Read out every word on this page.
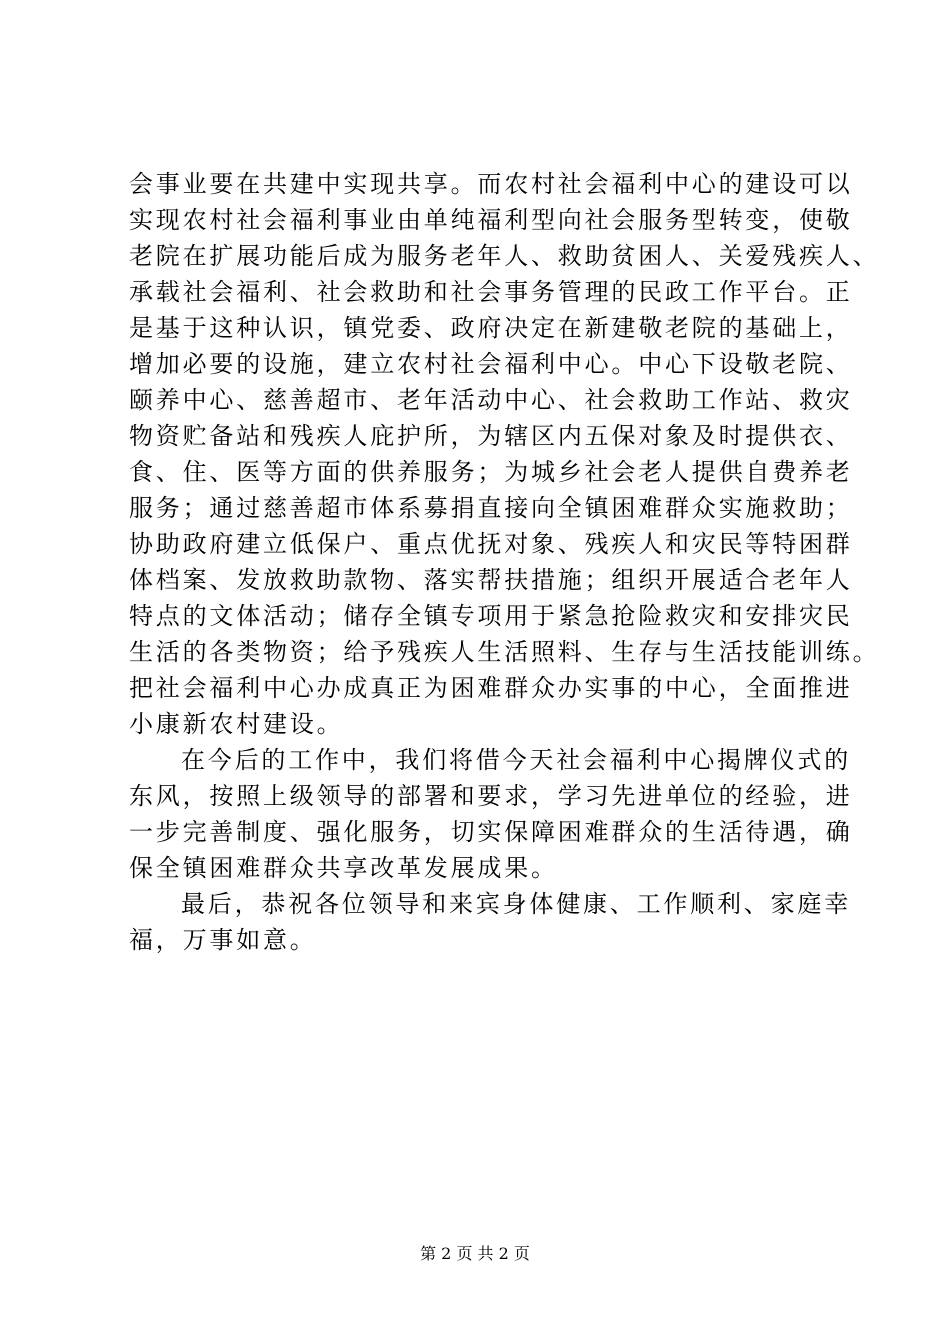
会事业要在共建中实现共享。而农村社会福利中心的建设可以
实现农村社会福利事业由单纯福利型向社会服务型转变，使敬
老院在扩展功能后成为服务老年人、救助贫困人、关爱残疾人、
承载社会福利、社会救助和社会事务管理的民政工作平台。正
是基于这种认识，镇党委、政府决定在新建敬老院的基础上，
增加必要的设施，建立农村社会福利中心。中心下设敬老院、
颐养中心、慈善超市、老年活动中心、社会救助工作站、救灾
物资贮备站和残疾人庇护所，为辖区内五保对象及时提供衣、
食、住、医等方面的供养服务；为城乡社会老人提供自费养老
服务；通过慈善超市体系募捐直接向全镇困难群众实施救助；
协助政府建立低保户、重点优抚对象、残疾人和灾民等特困群
体档案、发放救助款物、落实帮扶措施；组织开展适合老年人
特点的文体活动；储存全镇专项用于紧急抢险救灾和安排灾民
生活的各类物资；给予残疾人生活照料、生存与生活技能训练。
把社会福利中心办成真正为困难群众办实事的中心，全面推进
小康新农村建设。
在今后的工作中，我们将借今天社会福利中心揭牌仪式的
东风，按照上级领导的部署和要求，学习先进单位的经验，进
一步完善制度、强化服务，切实保障困难群众的生活待遇，确
保全镇困难群众共享改革发展成果。
最后，恭祝各位领导和来宾身体健康、工作顺利、家庭幸
福，万事如意。
第 2 页 共 2 页
